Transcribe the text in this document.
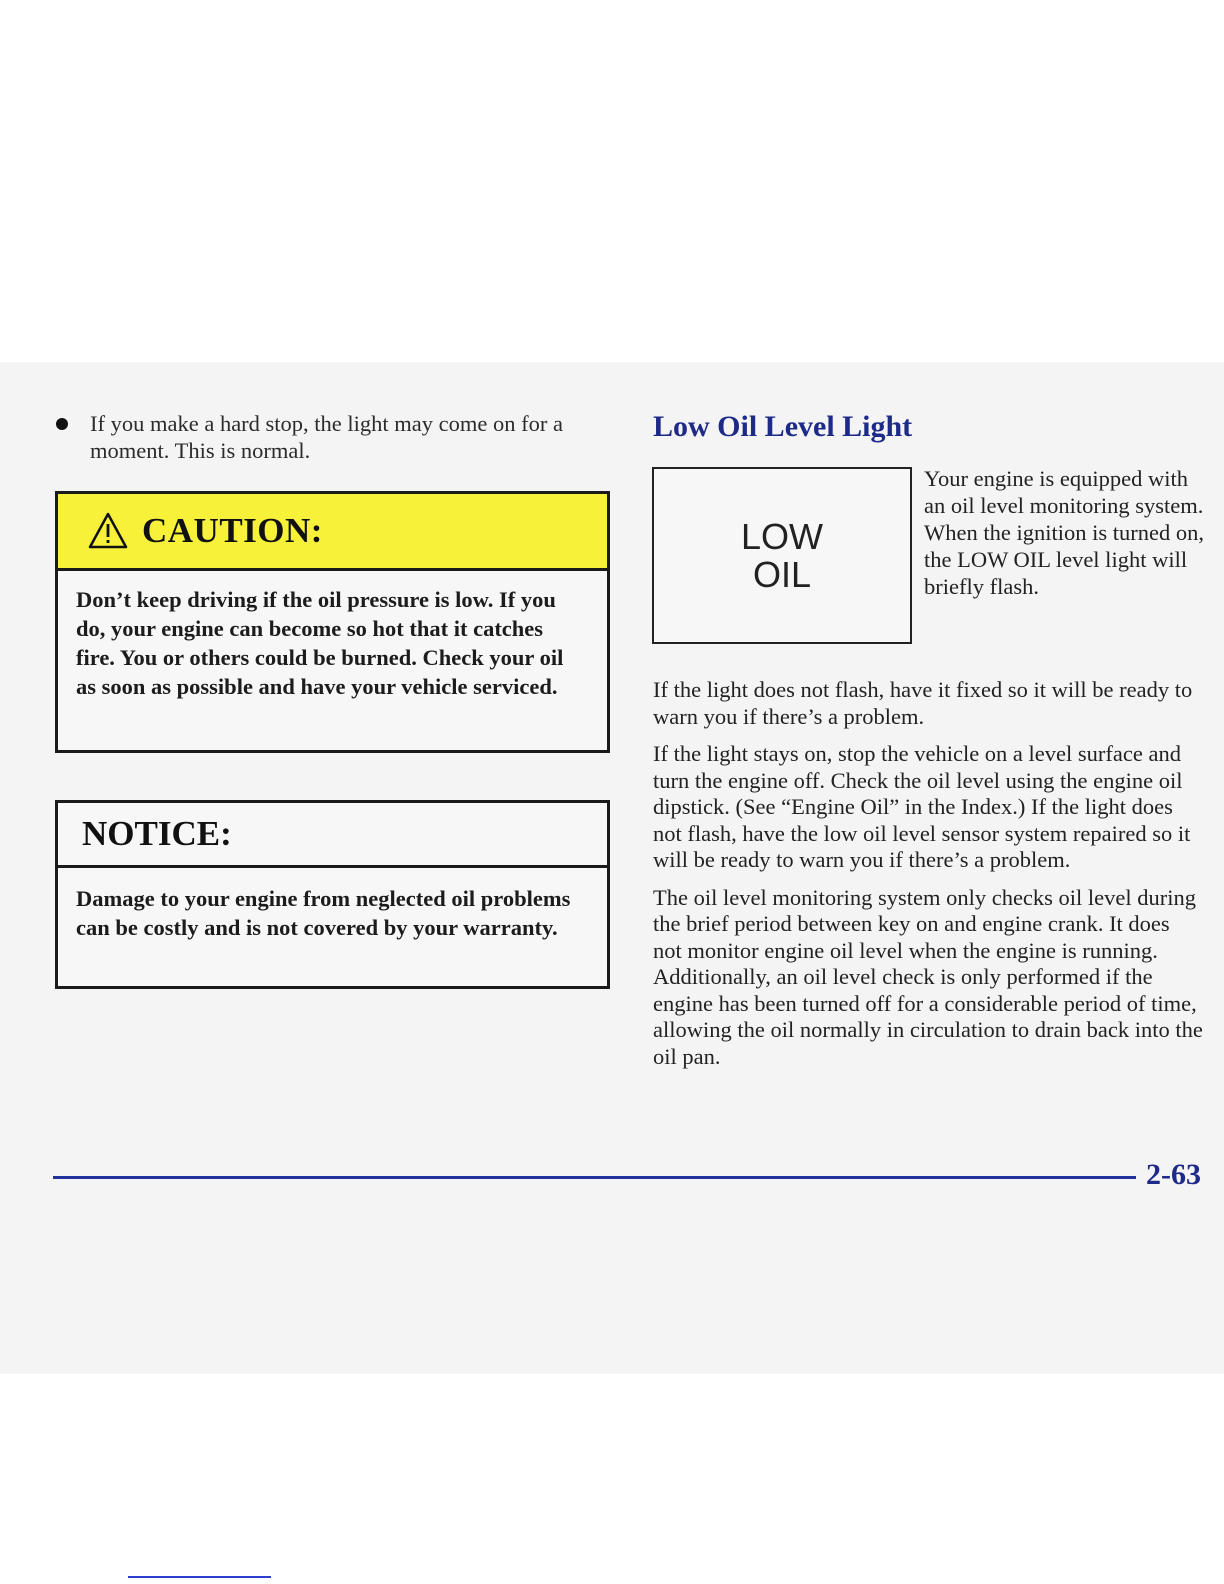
If you make a hard stop, the light may come on for a moment. This is normal.
CAUTION:
Don’t keep driving if the oil pressure is low. If you do, your engine can become so hot that it catches fire. You or others could be burned. Check your oil as soon as possible and have your vehicle serviced.
NOTICE:
Damage to your engine from neglected oil problems can be costly and is not covered by your warranty.
Low Oil Level Light
LOW
OIL
Your engine is equipped with an oil level monitoring system. When the ignition is turned on, the LOW OIL level light will briefly flash.

If the light does not flash, have it fixed so it will be ready to warn you if there’s a problem.

If the light stays on, stop the vehicle on a level surface and turn the engine off. Check the oil level using the engine oil dipstick. (See “Engine Oil” in the Index.) If the light does not flash, have the low oil level sensor system repaired so it will be ready to warn you if there’s a problem.

The oil level monitoring system only checks oil level during the brief period between key on and engine crank. It does not monitor engine oil level when the engine is running. Additionally, an oil level check is only performed if the engine has been turned off for a considerable period of time, allowing the oil normally in circulation to drain back into the oil pan.

2-63
